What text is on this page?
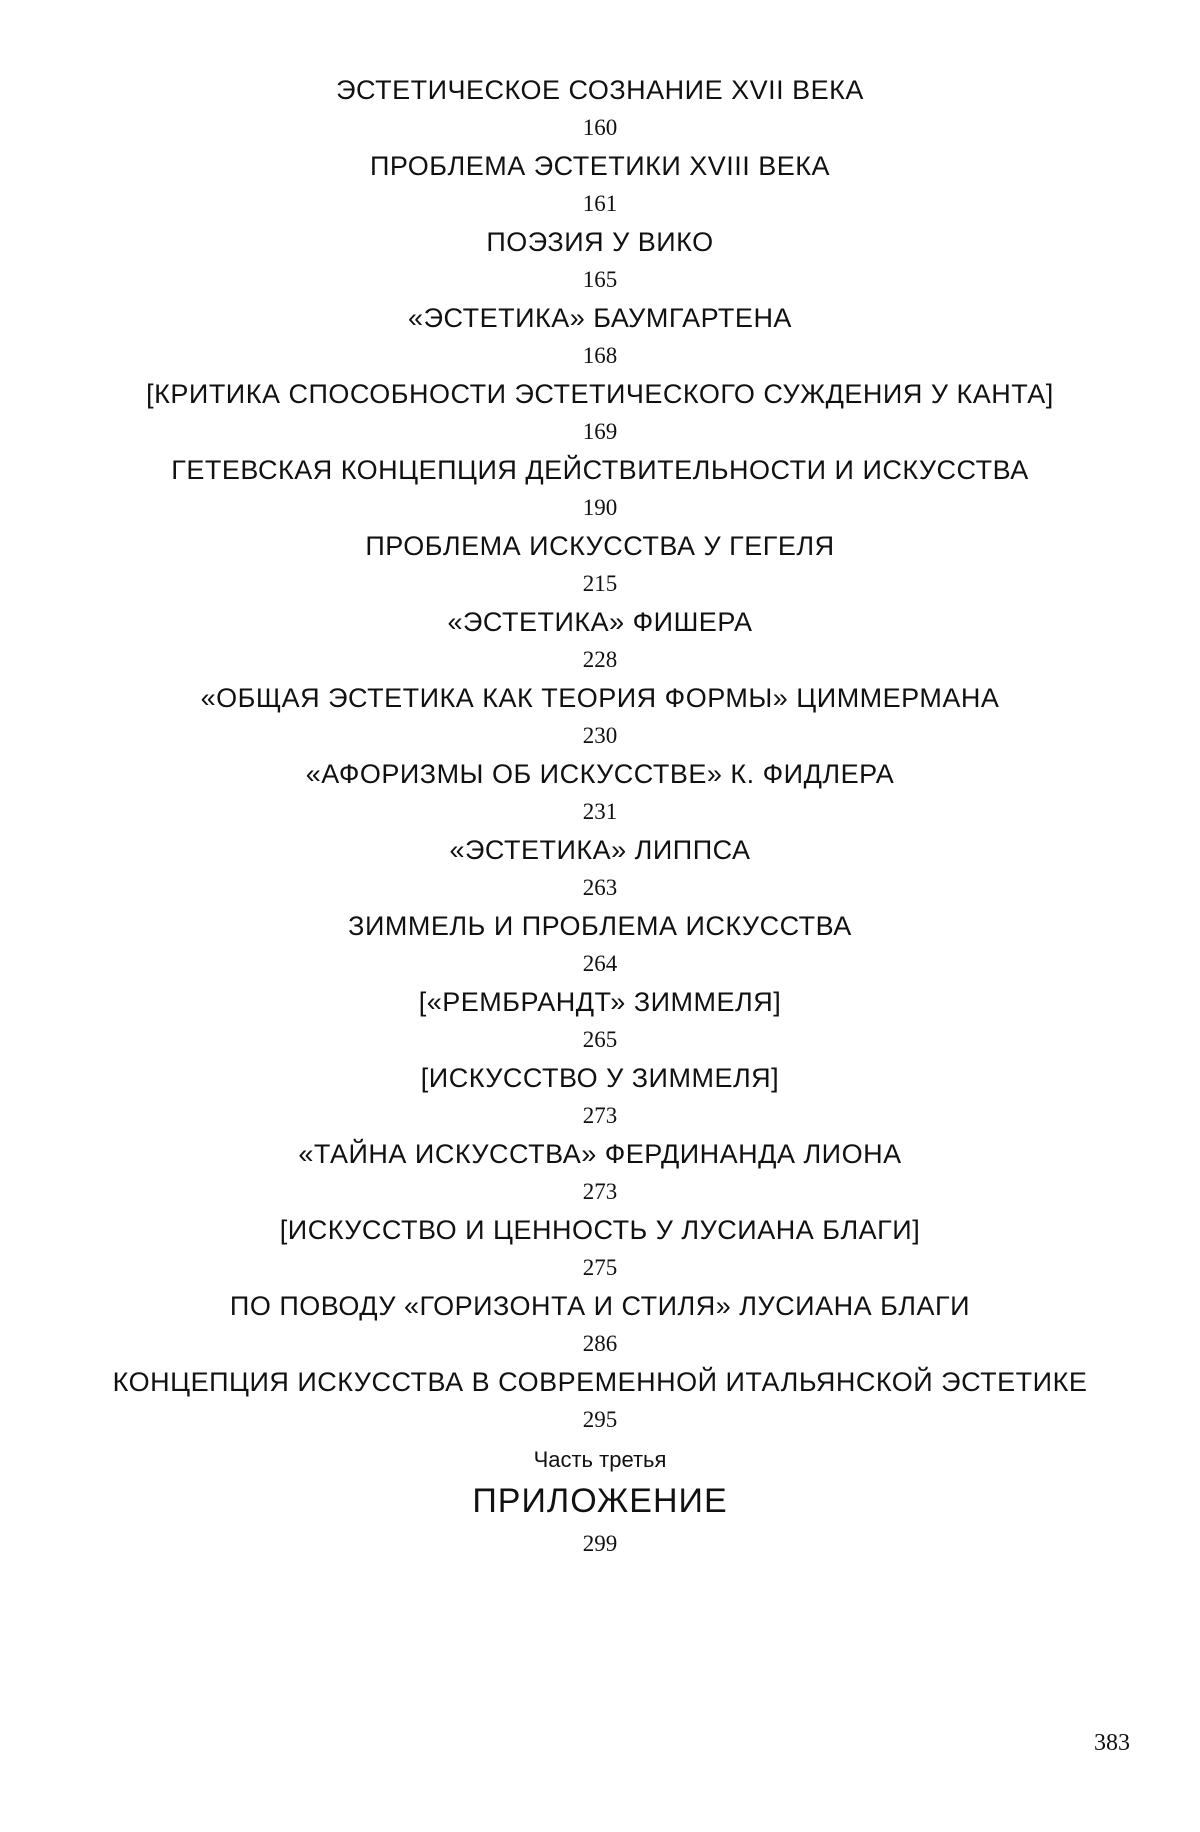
ЭСТЕТИЧЕСКОЕ СОЗНАНИЕ XVII ВЕКА
160
ПРОБЛЕМА ЭСТЕТИКИ XVIII ВЕКА
161
ПОЭЗИЯ У ВИКО
165
«ЭСТЕТИКА» БАУМГАРТЕНА
168
[КРИТИКА СПОСОБНОСТИ ЭСТЕТИЧЕСКОГО СУЖДЕНИЯ У КАНТА]
169
ГЕТЕВСКАЯ КОНЦЕПЦИЯ ДЕЙСТВИТЕЛЬНОСТИ И ИСКУССТВА
190
ПРОБЛЕМА ИСКУССТВА У ГЕГЕЛЯ
215
«ЭСТЕТИКА» ФИШЕРА
228
«ОБЩАЯ ЭСТЕТИКА КАК ТЕОРИЯ ФОРМЫ» ЦИММЕРМАНА
230
«АФОРИЗМЫ ОБ ИСКУССТВЕ» К. ФИДЛЕРА
231
«ЭСТЕТИКА» ЛИППСА
263
ЗИММЕЛЬ И ПРОБЛЕМА ИСКУССТВА
264
[«РЕМБРАНДТ» ЗИММЕЛЯ]
265
[ИСКУССТВО У ЗИММЕЛЯ]
273
«ТАЙНА ИСКУССТВА» ФЕРДИНАНДА ЛИОНА
273
[ИСКУССТВО И ЦЕННОСТЬ У ЛУСИАНА БЛАГИ]
275
ПО ПОВОДУ «ГОРИЗОНТА И СТИЛЯ» ЛУСИАНА БЛАГИ
286
КОНЦЕПЦИЯ ИСКУССТВА В СОВРЕМЕННОЙ ИТАЛЬЯНСКОЙ ЭСТЕТИКЕ
295
Часть третья
ПРИЛОЖЕНИЕ
299
383
